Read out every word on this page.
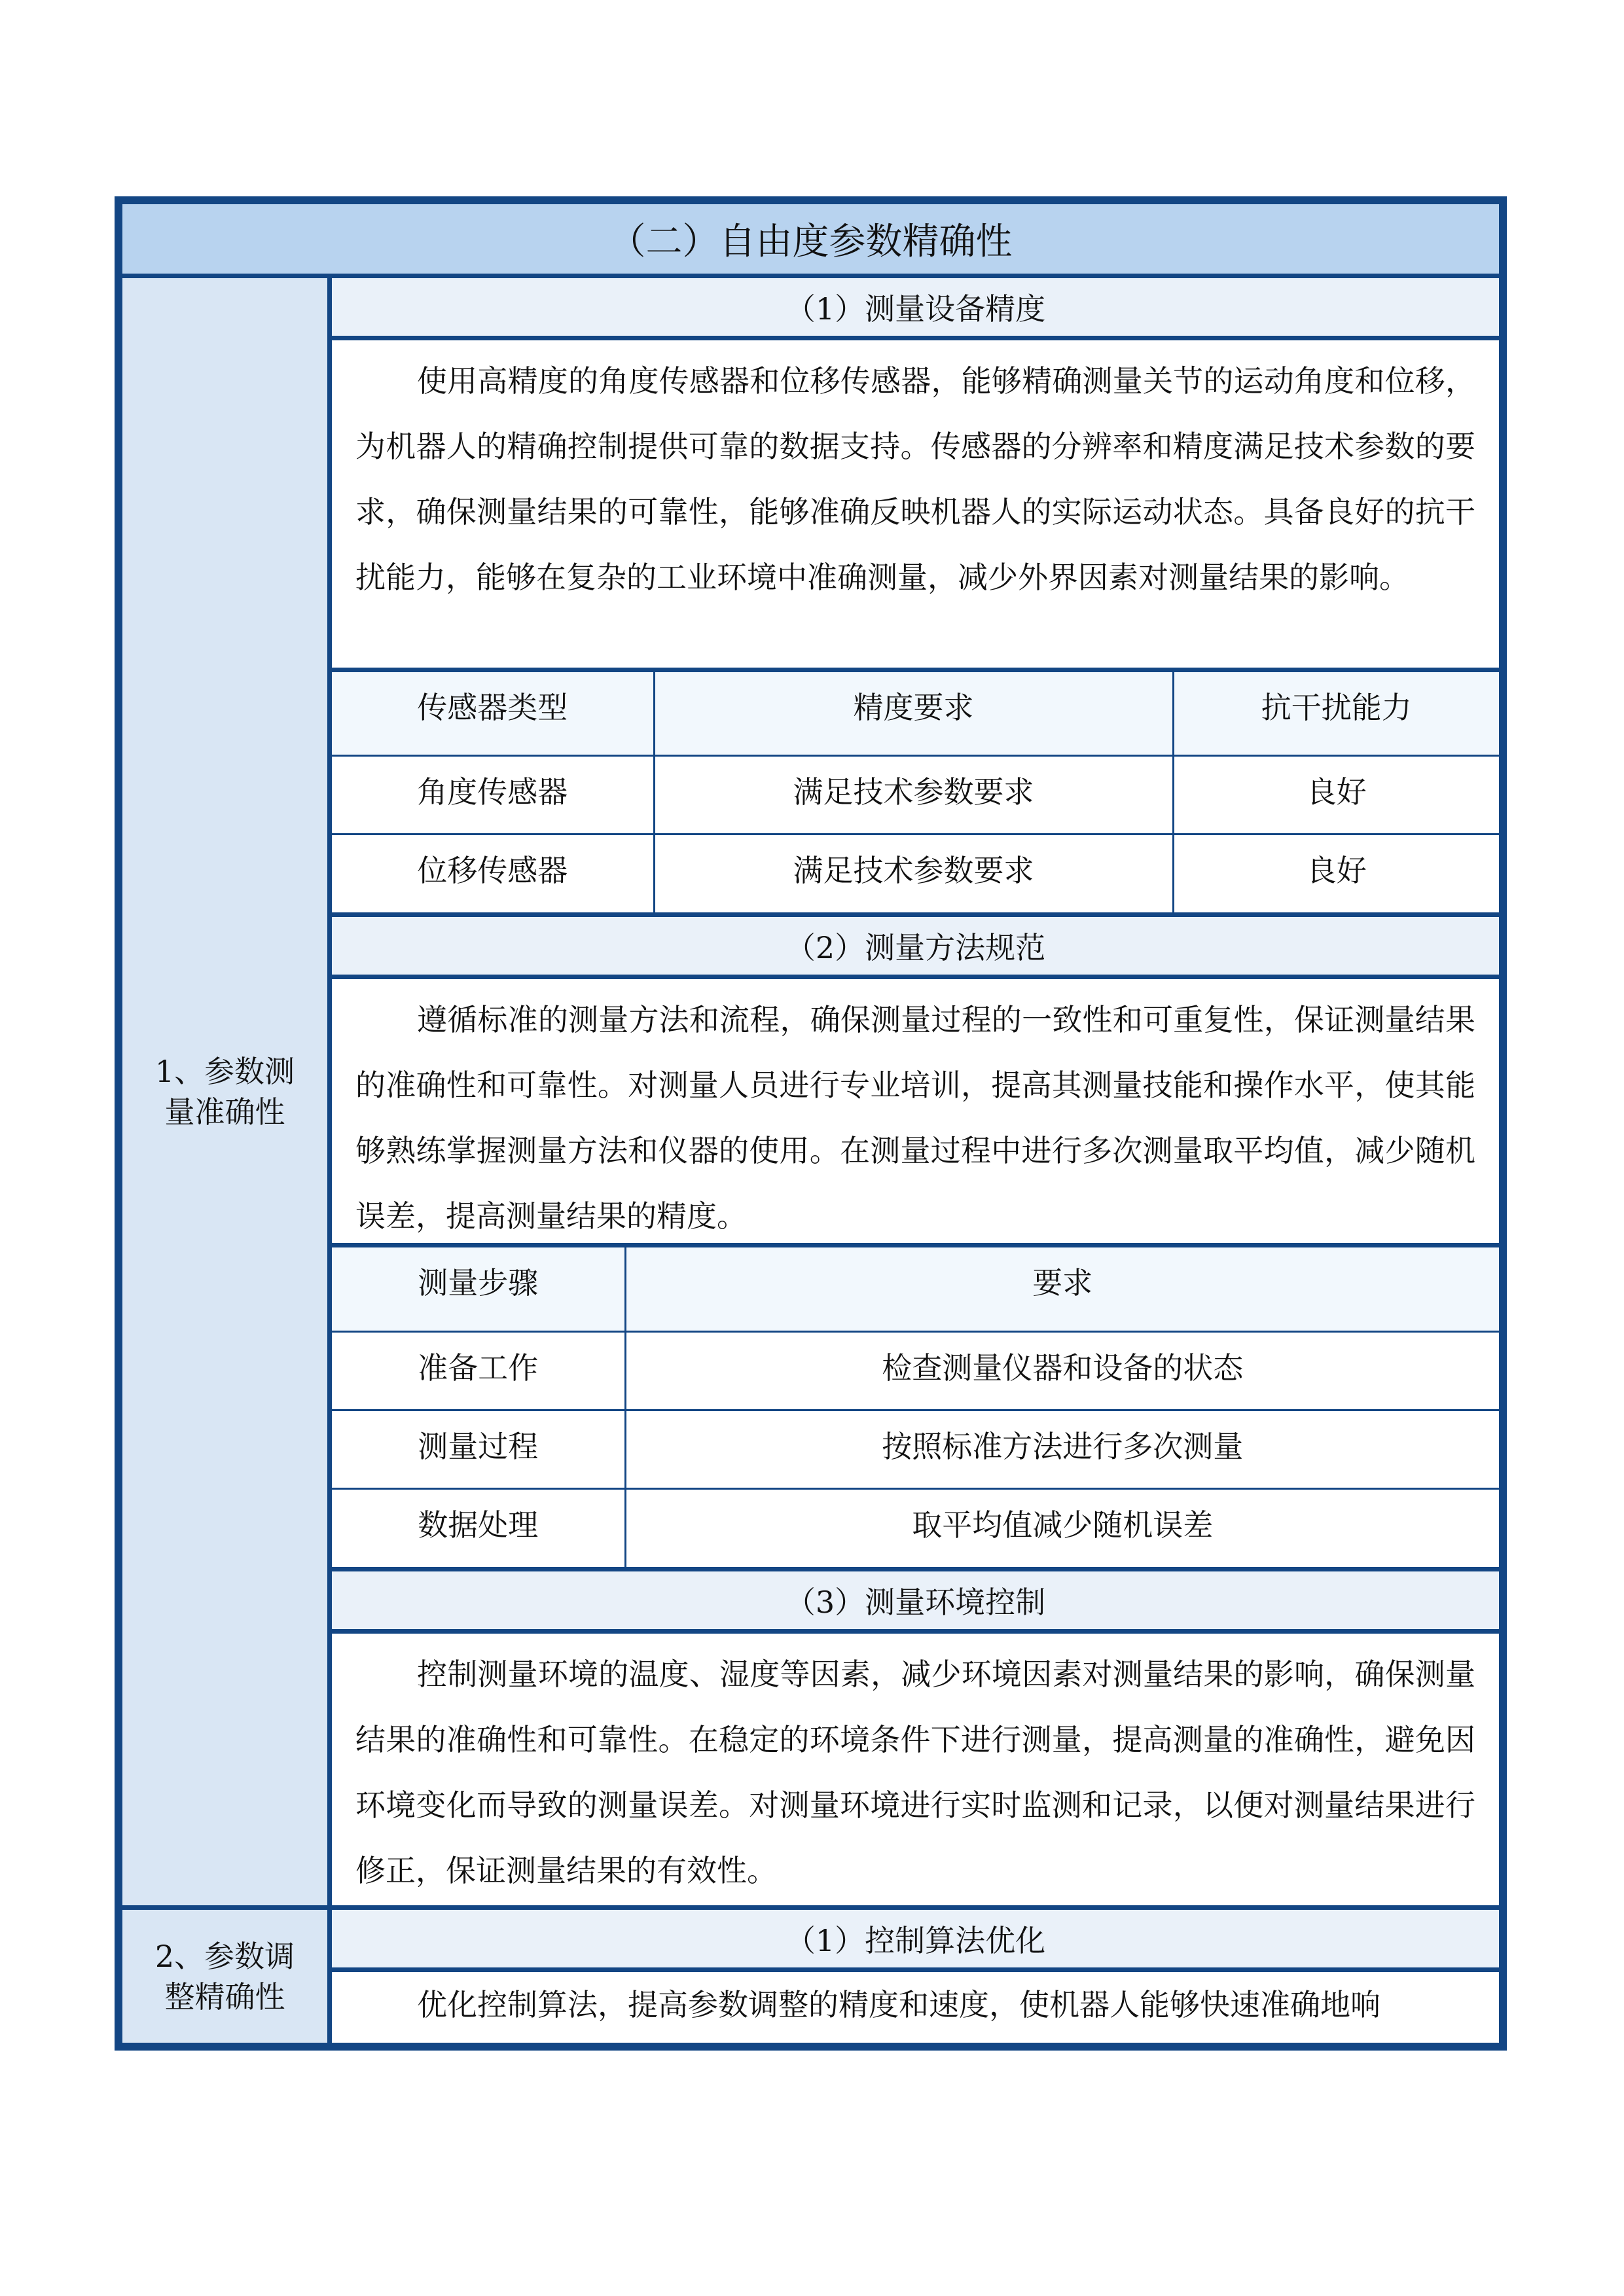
（二）自由度参数精确性
1、参数测量准确性
（1）测量设备精度
使用高精度的角度传感器和位移传感器，能够精确测量关节的运动角度和位移，为机器人的精确控制提供可靠的数据支持。传感器的分辨率和精度满足技术参数的要求，确保测量结果的可靠性，能够准确反映机器人的实际运动状态。具备良好的抗干扰能力，能够在复杂的工业环境中准确测量，减少外界因素对测量结果的影响。
传感器类型	精度要求	抗干扰能力
角度传感器	满足技术参数要求	良好
位移传感器	满足技术参数要求	良好
（2）测量方法规范
遵循标准的测量方法和流程，确保测量过程的一致性和可重复性，保证测量结果的准确性和可靠性。对测量人员进行专业培训，提高其测量技能和操作水平，使其能够熟练掌握测量方法和仪器的使用。在测量过程中进行多次测量取平均值，减少随机误差，提高测量结果的精度。
测量步骤	要求
准备工作	检查测量仪器和设备的状态
测量过程	按照标准方法进行多次测量
数据处理	取平均值减少随机误差
（3）测量环境控制
控制测量环境的温度、湿度等因素，减少环境因素对测量结果的影响，确保测量结果的准确性和可靠性。在稳定的环境条件下进行测量，提高测量的准确性，避免因环境变化而导致的测量误差。对测量环境进行实时监测和记录，以便对测量结果进行修正，保证测量结果的有效性。
2、参数调整精确性
（1）控制算法优化
优化控制算法，提高参数调整的精度和速度，使机器人能够快速准确地响
